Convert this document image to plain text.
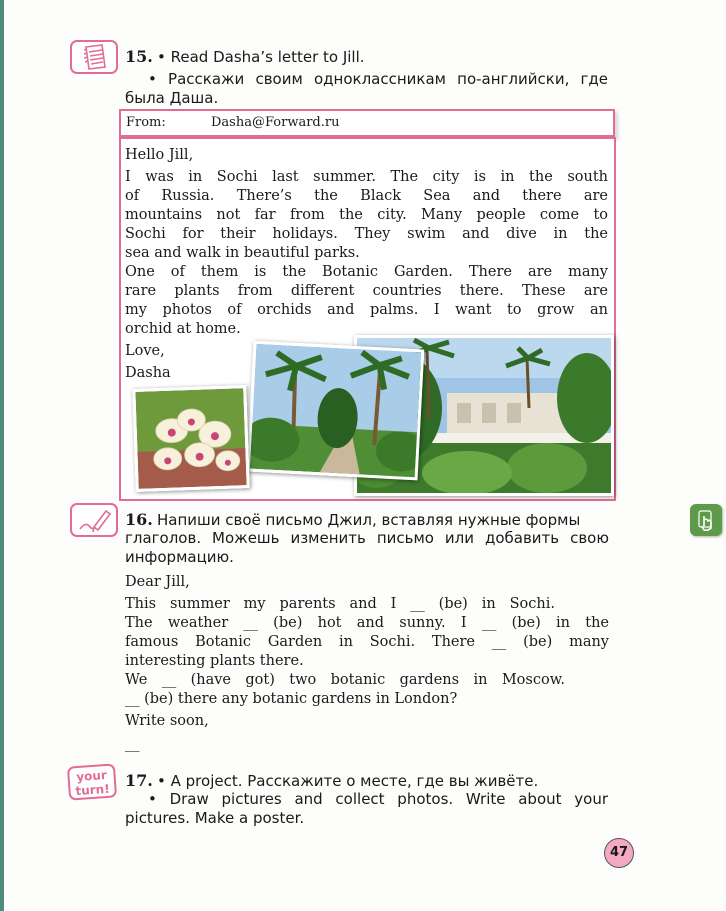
15. • Read Dasha’s letter to Jill.
• Расскажи своим одноклассникам по-английски, где
была Даша.
From:	Dasha@Forward.ru
Hello Jill,
I was in Sochi last summer. The city is in the south
of Russia. There’s the Black Sea and there are
mountains not far from the city. Many people come to
Sochi for their holidays. They swim and dive in the
sea and walk in beautiful parks.
One of them is the Botanic Garden. There are many
rare plants from different countries there. These are
my photos of orchids and palms. I want to grow an
orchid at home.
Love,
Dasha
16. Напиши своё письмо Джил, вставляя нужные формы
глаголов. Можешь изменить письмо или добавить свою
информацию.
Dear Jill,
This summer my parents and I __ (be) in Sochi.
The weather __ (be) hot and sunny. I __ (be) in the
famous Botanic Garden in Sochi. There __ (be) many
interesting plants there.
We __ (have got) two botanic gardens in Moscow.
__ (be) there any botanic gardens in London?
Write soon,
__
your
turn! 17. • A project. Расскажите о месте, где вы живёте.
• Draw pictures and collect photos. Write about your
pictures. Make a poster.
47
